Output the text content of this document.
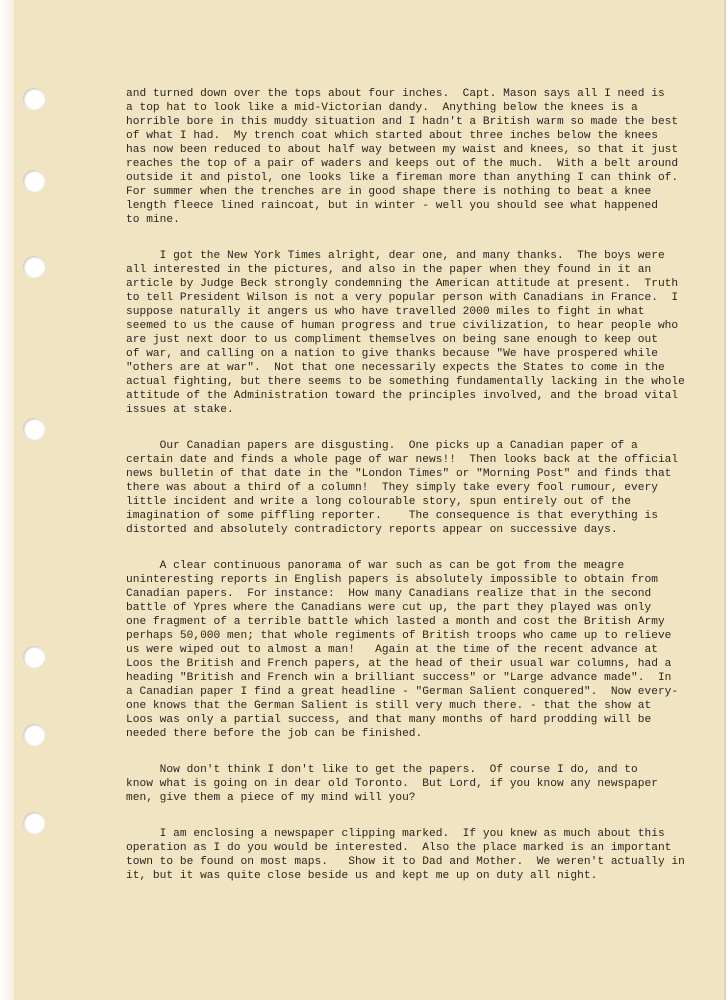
and turned down over the tops about four inches.  Capt. Mason says all I need is
a top hat to look like a mid-Victorian dandy.  Anything below the knees is a
horrible bore in this muddy situation and I hadn't a British warm so made the best
of what I had.  My trench coat which started about three inches below the knees
has now been reduced to about half way between my waist and knees, so that it just
reaches the top of a pair of waders and keeps out of the much.  With a belt around
outside it and pistol, one looks like a fireman more than anything I can think of.
For summer when the trenches are in good shape there is nothing to beat a knee
length fleece lined raincoat, but in winter - well you should see what happened
to mine.
I got the New York Times alright, dear one, and many thanks.  The boys were
all interested in the pictures, and also in the paper when they found in it an
article by Judge Beck strongly condemning the American attitude at present.  Truth
to tell President Wilson is not a very popular person with Canadians in France.  I
suppose naturally it angers us who have travelled 2000 miles to fight in what
seemed to us the cause of human progress and true civilization, to hear people who
are just next door to us compliment themselves on being sane enough to keep out
of war, and calling on a nation to give thanks because "We have prospered while
"others are at war".  Not that one necessarily expects the States to come in the
actual fighting, but there seems to be something fundamentally lacking in the whole
attitude of the Administration toward the principles involved, and the broad vital
issues at stake.
Our Canadian papers are disgusting.  One picks up a Canadian paper of a
certain date and finds a whole page of war news!!  Then looks back at the official
news bulletin of that date in the "London Times" or "Morning Post" and finds that
there was about a third of a column!  They simply take every fool rumour, every
little incident and write a long colourable story, spun entirely out of the
imagination of some piffling reporter.    The consequence is that everything is
distorted and absolutely contradictory reports appear on successive days.
A clear continuous panorama of war such as can be got from the meagre
uninteresting reports in English papers is absolutely impossible to obtain from
Canadian papers.  For instance:  How many Canadians realize that in the second
battle of Ypres where the Canadians were cut up, the part they played was only
one fragment of a terrible battle which lasted a month and cost the British Army
perhaps 50,000 men; that whole regiments of British troops who came up to relieve
us were wiped out to almost a man!   Again at the time of the recent advance at
Loos the British and French papers, at the head of their usual war columns, had a
heading "British and French win a brilliant success" or "Large advance made".  In
a Canadian paper I find a great headline - "German Salient conquered".  Now every-
one knows that the German Salient is still very much there. - that the show at
Loos was only a partial success, and that many months of hard prodding will be
needed there before the job can be finished.
Now don't think I don't like to get the papers.  Of course I do, and to
know what is going on in dear old Toronto.  But Lord, if you know any newspaper
men, give them a piece of my mind will you?
I am enclosing a newspaper clipping marked.  If you knew as much about this
operation as I do you would be interested.  Also the place marked is an important
town to be found on most maps.   Show it to Dad and Mother.  We weren't actually in
it, but it was quite close beside us and kept me up on duty all night.
